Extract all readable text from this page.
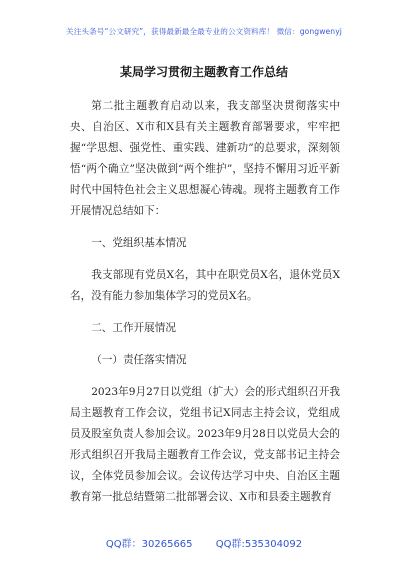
关注头条号“公文研究”，获得最新最全最专业的公文资料库！ 微信：gongwenyj
某局学习贯彻主题教育工作总结

第二批主题教育启动以来，我支部坚决贯彻落实中央、自治区、X市和X县有关主题教育部署要求，牢牢把握“学思想、强党性、重实践、建新功”的总要求，深刻领悟“两个确立”坚决做到“两个维护”，坚持不懈用习近平新时代中国特色社会主义思想凝心铸魂。现将主题教育工作开展情况总结如下：

一、党组织基本情况

我支部现有党员X名，其中在职党员X名，退休党员X名，没有能力参加集体学习的党员X名。

二、工作开展情况

（一）责任落实情况

2023年9月27日以党组（扩大）会的形式组织召开我局主题教育工作会议，党组书记X同志主持会议，党组成员及股室负责人参加会议。2023年9月28日以党员大会的形式组织召开我局主题教育工作会议，党支部书记主持会议，全体党员参加会议。会议传达学习中央、自治区主题教育第一批总结暨第二批部署会议、X市和县委主题教育

QQ群：30265665 QQ群:535304092
